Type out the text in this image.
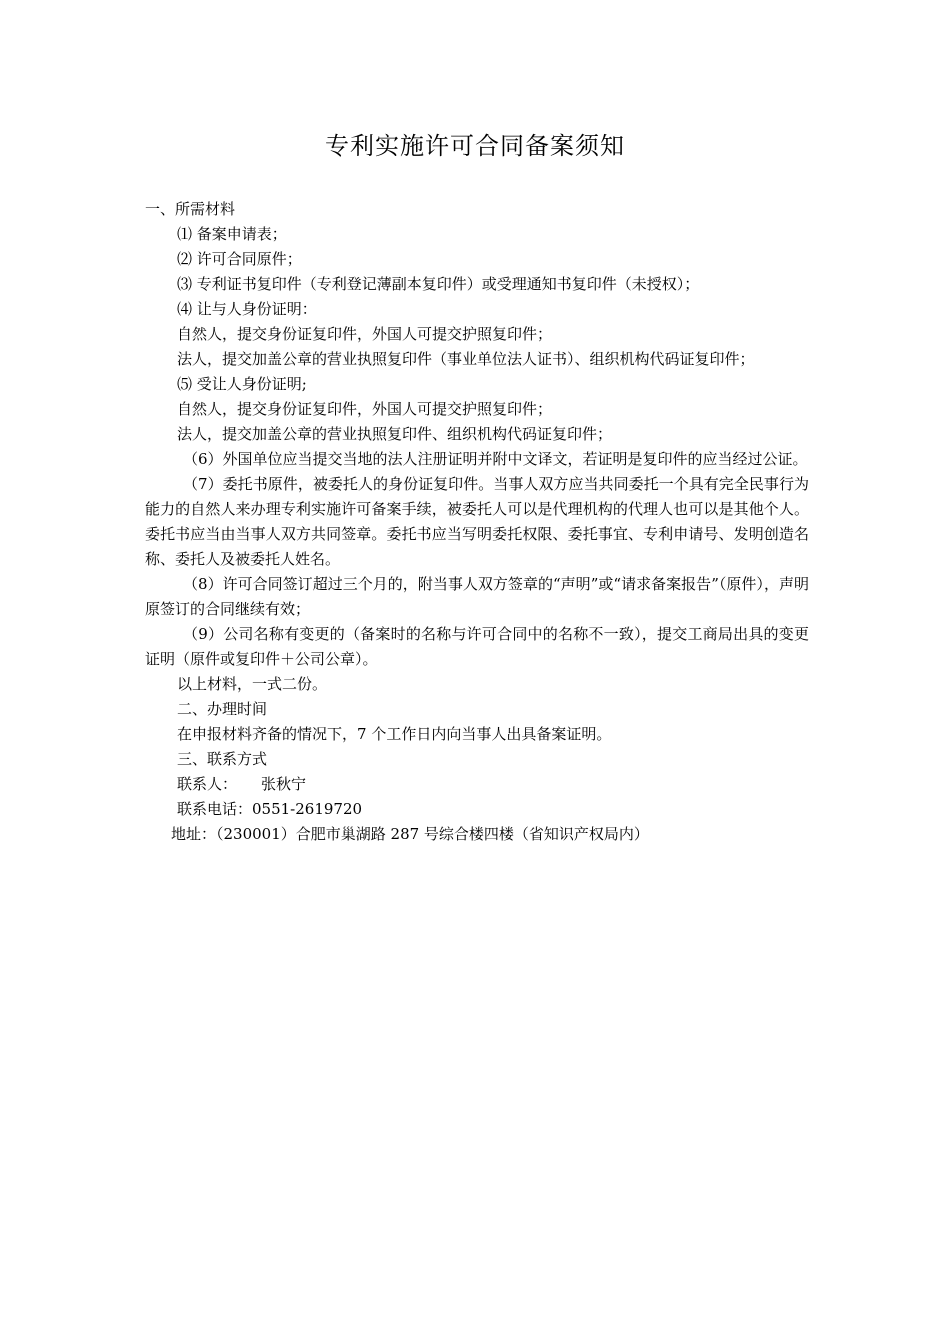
专利实施许可合同备案须知

一、所需材料

⑴ 备案申请表；

⑵ 许可合同原件；

⑶ 专利证书复印件（专利登记薄副本复印件）或受理通知书复印件（未授权）；

⑷ 让与人身份证明：

自然人，提交身份证复印件，外国人可提交护照复印件；

法人，提交加盖公章的营业执照复印件（事业单位法人证书）、组织机构代码证复印件；

⑸ 受让人身份证明;

自然人，提交身份证复印件，外国人可提交护照复印件；

法人，提交加盖公章的营业执照复印件、组织机构代码证复印件；

（6）外国单位应当提交当地的法人注册证明并附中文译文，若证明是复印件的应当经过公证。

（7）委托书原件，被委托人的身份证复印件。当事人双方应当共同委托一个具有完全民事行为能力的自然人来办理专利实施许可备案手续，被委托人可以是代理机构的代理人也可以是其他个人。委托书应当由当事人双方共同签章。委托书应当写明委托权限、委托事宜、专利申请号、发明创造名称、委托人及被委托人姓名。

（8）许可合同签订超过三个月的，附当事人双方签章的“声明”或“请求备案报告”（原件），声明原签订的合同继续有效；

（9）公司名称有变更的（备案时的名称与许可合同中的名称不一致），提交工商局出具的变更证明（原件或复印件＋公司公章）。

以上材料，一式二份。

二、办理时间

在申报材料齐备的情况下，7 个工作日内向当事人出具备案证明。

三、联系方式

联系人： 张秋宁

联系电话：0551-2619720

地址：（230001）合肥市巢湖路 287 号综合楼四楼（省知识产权局内）
